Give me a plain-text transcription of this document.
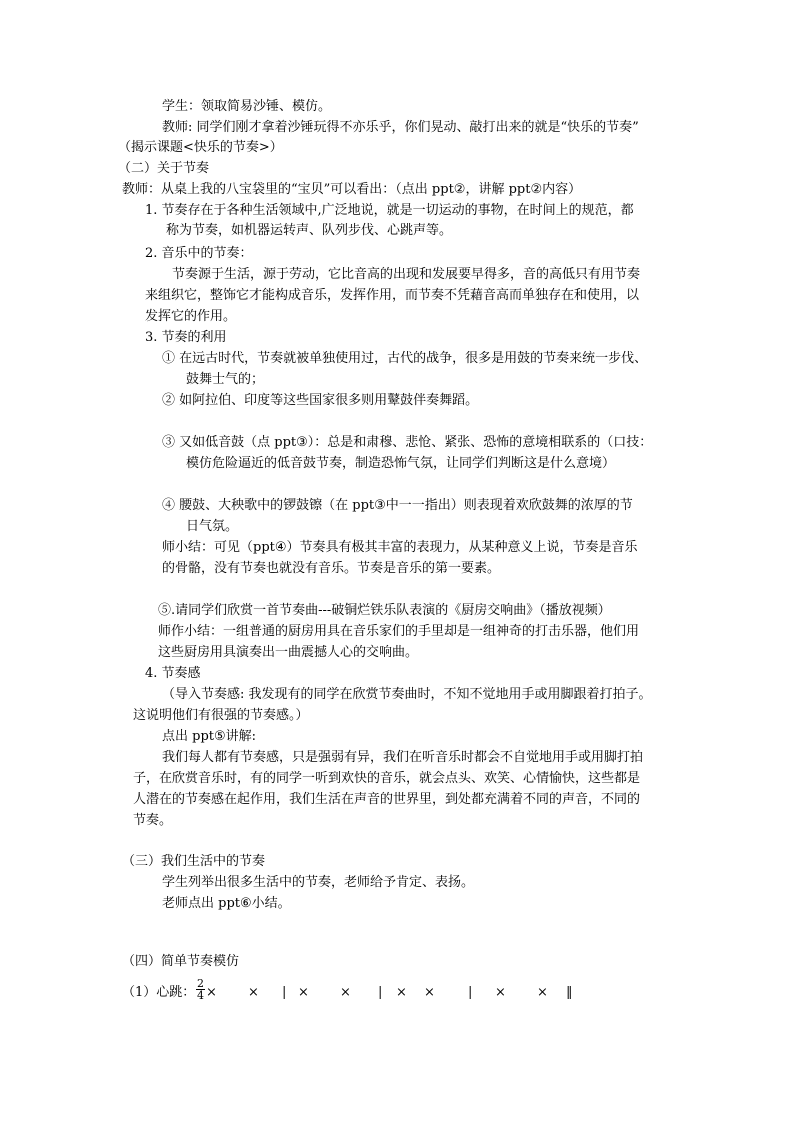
学生：领取简易沙锤、模仿。
教师: 同学们刚才拿着沙锤玩得不亦乐乎，你们晃动、敲打出来的就是“快乐的节奏”
（揭示课题<快乐的节奏>）
（二）关于节奏
教师：从桌上我的八宝袋里的“宝贝”可以看出：（点出 ppt②，讲解 ppt②内容）
1. 节奏存在于各种生活领域中,广泛地说，就是一切运动的事物，在时间上的规范，都
称为节奏，如机器运转声、队列步伐、心跳声等。
2. 音乐中的节奏：
节奏源于生活，源于劳动，它比音高的出现和发展要早得多，音的高低只有用节奏
来组织它，整饰它才能构成音乐，发挥作用，而节奏不凭藉音高而单独存在和使用，以
发挥它的作用。
3. 节奏的利用
① 在远古时代，节奏就被单独使用过，古代的战争，很多是用鼓的节奏来统一步伐、
鼓舞士气的；
② 如阿拉伯、印度等这些国家很多则用鼙鼓伴奏舞蹈。
③ 又如低音鼓（点 ppt③）：总是和肃穆、悲怆、紧张、恐怖的意境相联系的（口技：
模仿危险逼近的低音鼓节奏，制造恐怖气氛，让同学们判断这是什么意境）
④ 腰鼓、大秧歌中的锣鼓镲（在 ppt③中一一指出）则表现着欢欣鼓舞的浓厚的节
日气氛。
师小结：可见（ppt④）节奏具有极其丰富的表现力，从某种意义上说，节奏是音乐
的骨骼，没有节奏也就没有音乐。节奏是音乐的第一要素。
⑤.请同学们欣赏一首节奏曲---破铜烂铁乐队表演的《厨房交响曲》（播放视频）
师作小结：一组普通的厨房用具在音乐家们的手里却是一组神奇的打击乐器，他们用
这些厨房用具演奏出一曲震撼人心的交响曲。
4. 节奏感
（导入节奏感: 我发现有的同学在欣赏节奏曲时，不知不觉地用手或用脚跟着打拍子。
这说明他们有很强的节奏感。）
点出 ppt⑤讲解:
我们每人都有节奏感，只是强弱有异，我们在听音乐时都会不自觉地用手或用脚打拍
子，在欣赏音乐时，有的同学一听到欢快的音乐，就会点头、欢笑、心情愉快，这些都是
人潜在的节奏感在起作用，我们生活在声音的世界里，到处都充满着不同的声音，不同的
节奏。
（三）我们生活中的节奏
学生列举出很多生活中的节奏，老师给予肯定、表扬。
老师点出 ppt⑥小结。
（四）简单节奏模仿
（1）心跳： $\frac{2}{4}$ × × | × × | × ×	| × × ‖
